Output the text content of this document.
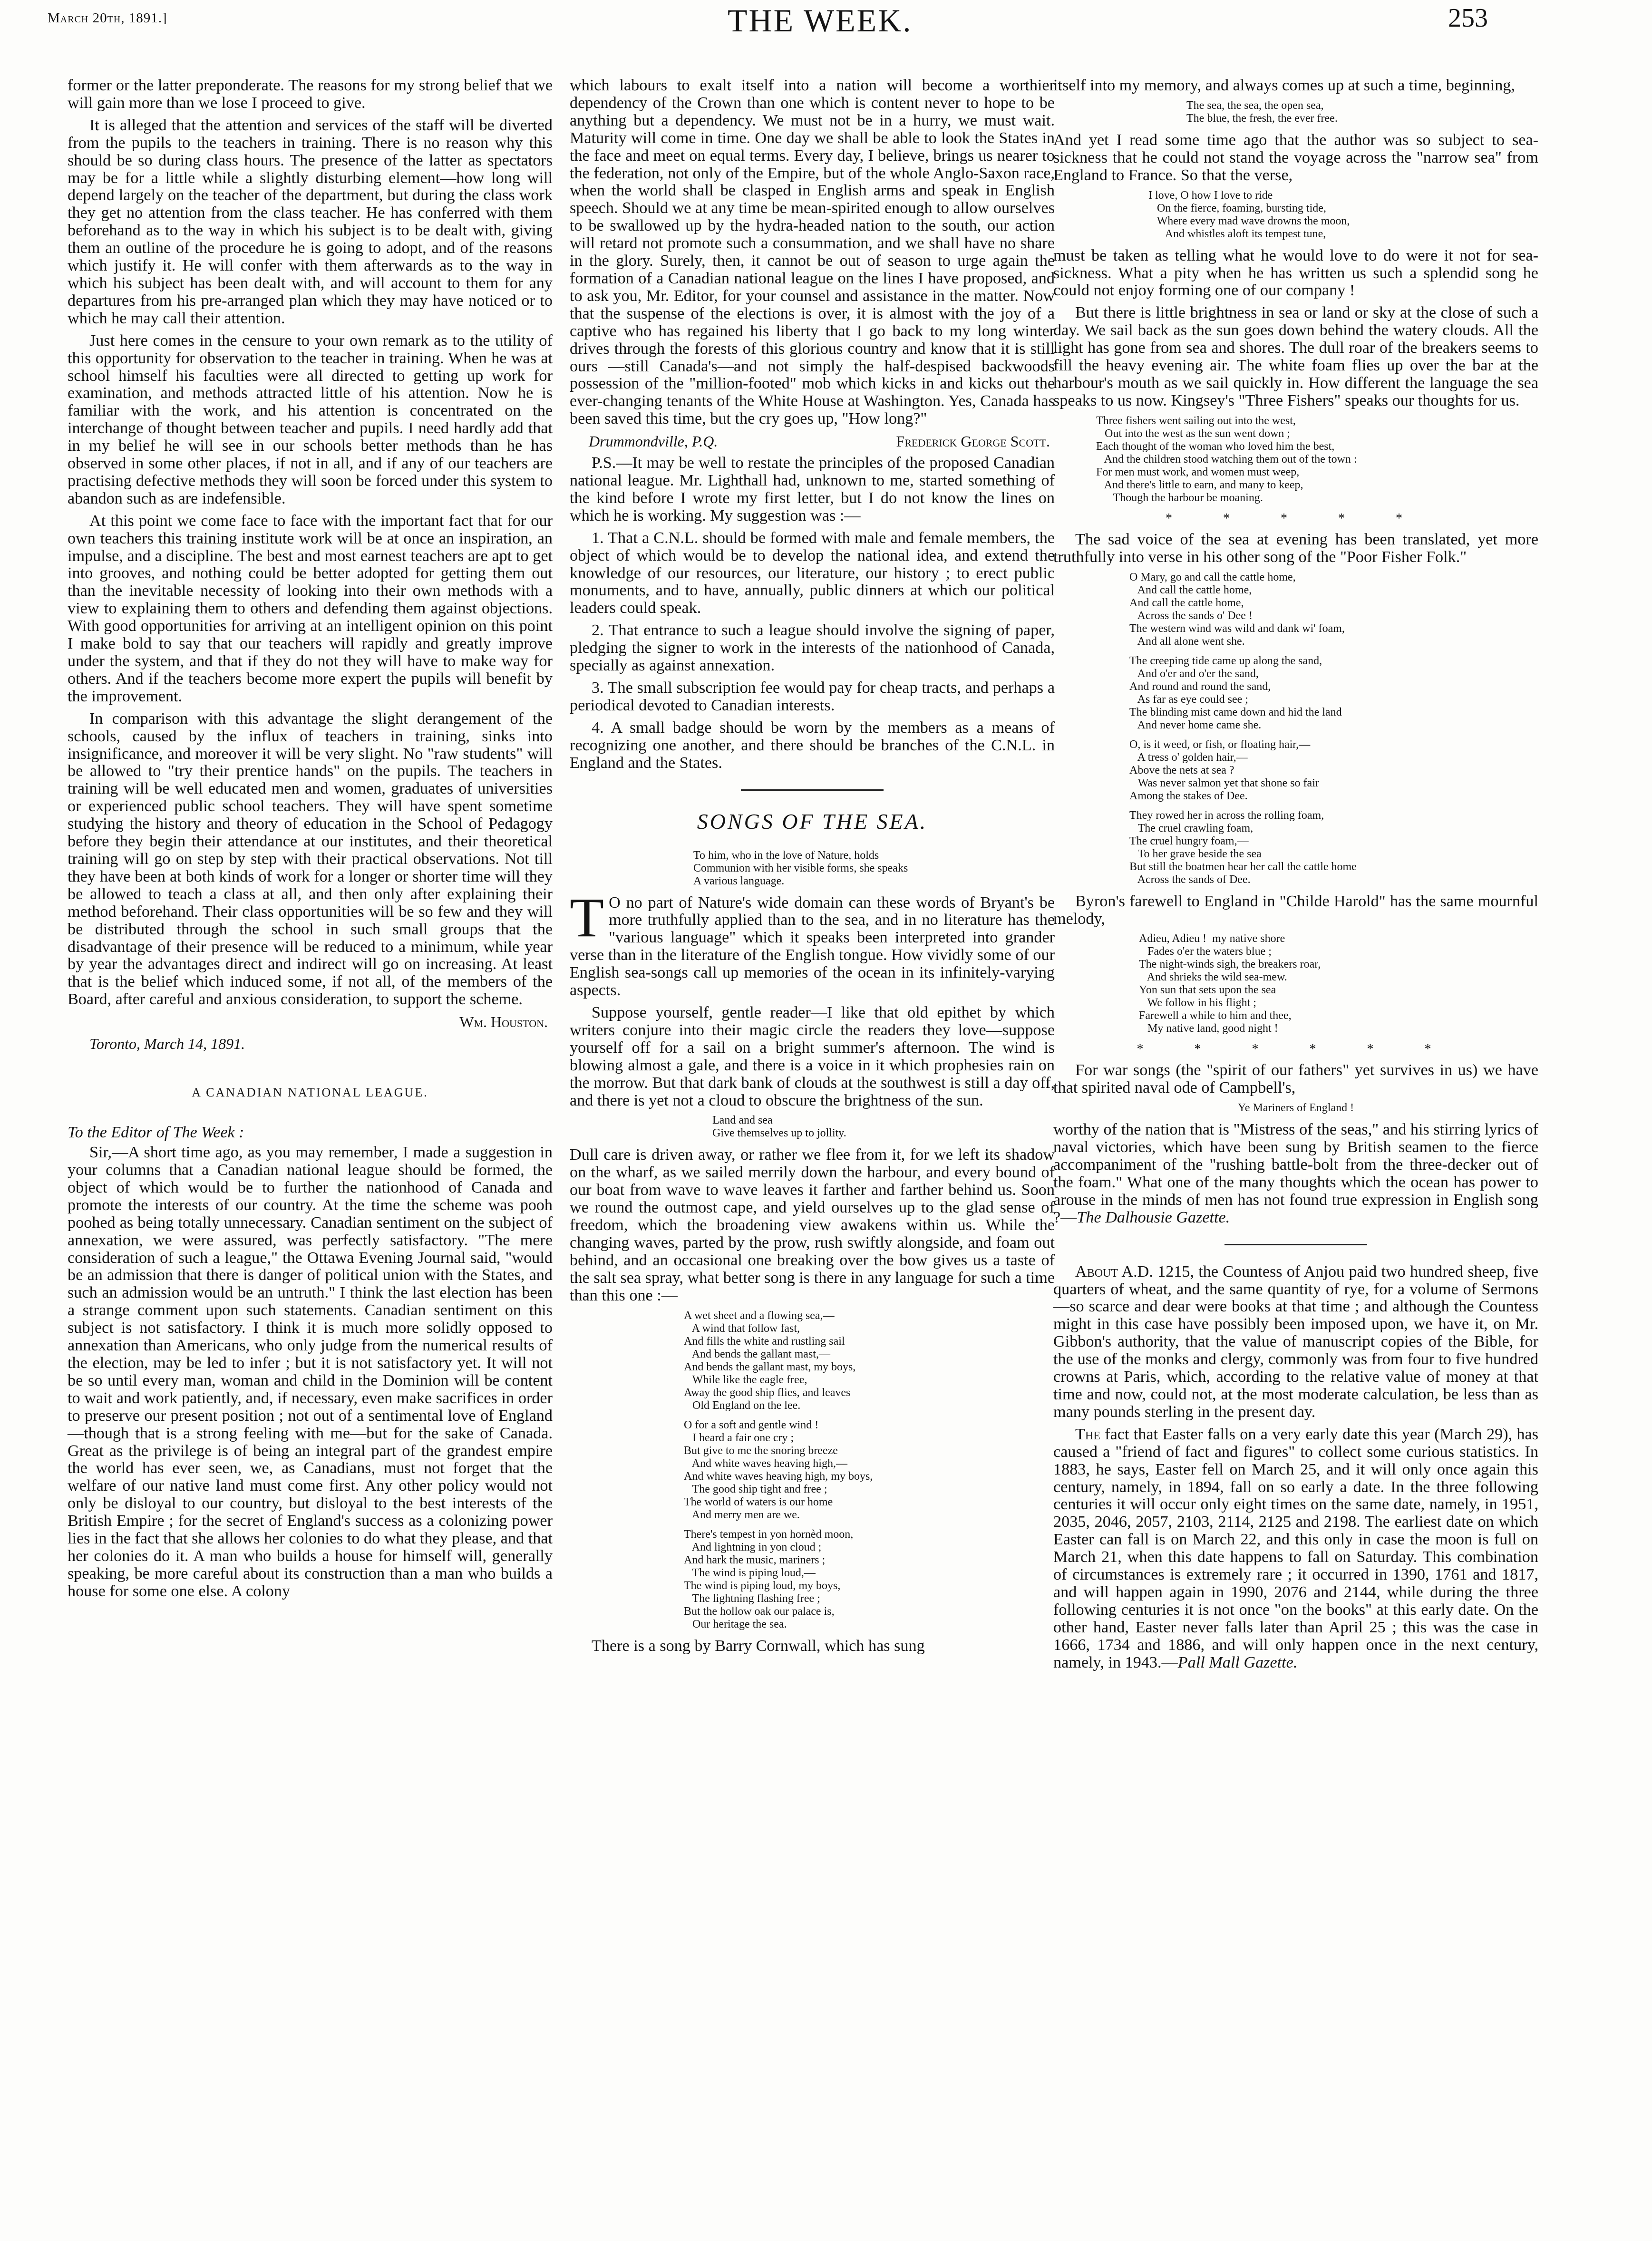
March 20th, 1891.]	THE WEEK.	253

former or the latter preponderate. The reasons for my strong belief that we will gain more than we lose I proceed to give.

It is alleged that the attention and services of the staff will be diverted from the pupils to the teachers in training. There is no reason why this should be so during class hours. The presence of the latter as spectators may be for a little while a slightly disturbing element—how long will depend largely on the teacher of the department, but during the class work they get no attention from the class teacher. He has conferred with them beforehand as to the way in which his subject is to be dealt with, giving them an outline of the procedure he is going to adopt, and of the reasons which justify it. He will confer with them afterwards as to the way in which his subject has been dealt with, and will account to them for any departures from his pre-arranged plan which they may have noticed or to which he may call their attention.

Just here comes in the censure to your own remark as to the utility of this opportunity for observation to the teacher in training. When he was at school himself his faculties were all directed to getting up work for examination, and methods attracted little of his attention. Now he is familiar with the work, and his attention is concentrated on the interchange of thought between teacher and pupils. I need hardly add that in my belief he will see in our schools better methods than he has observed in some other places, if not in all, and if any of our teachers are practising defective methods they will soon be forced under this system to abandon such as are indefensible.

At this point we come face to face with the important fact that for our own teachers this training institute work will be at once an inspiration, an impulse, and a discipline. The best and most earnest teachers are apt to get into grooves, and nothing could be better adopted for getting them out than the inevitable necessity of looking into their own methods with a view to explaining them to others and defending them against objections. With good opportunities for arriving at an intelligent opinion on this point I make bold to say that our teachers will rapidly and greatly improve under the system, and that if they do not they will have to make way for others. And if the teachers become more expert the pupils will benefit by the improvement.

In comparison with this advantage the slight derangement of the schools, caused by the influx of teachers in training, sinks into insignificance, and moreover it will be very slight. No "raw students" will be allowed to "try their prentice hands" on the pupils. The teachers in training will be well educated men and women, graduates of universities or experienced public school teachers. They will have spent sometime studying the history and theory of education in the School of Pedagogy before they begin their attendance at our institutes, and their theoretical training will go on step by step with their practical observations. Not till they have been at both kinds of work for a longer or shorter time will they be allowed to teach a class at all, and then only after explaining their method beforehand. Their class opportunities will be so few and they will be distributed through the school in such small groups that the disadvantage of their presence will be reduced to a minimum, while year by year the advantages direct and indirect will go on increasing. At least that is the belief which induced some, if not all, of the members of the Board, after careful and anxious consideration, to support the scheme.

Wm. Houston.
Toronto, March 14, 1891.
A CANADIAN NATIONAL LEAGUE.
To the Editor of The Week :

Sir,—A short time ago, as you may remember, I made a suggestion in your columns that a Canadian national league should be formed, the object of which would be to further the nationhood of Canada and promote the interests of our country. At the time the scheme was pooh poohed as being totally unnecessary. Canadian sentiment on the subject of annexation, we were assured, was perfectly satisfactory. "The mere consideration of such a league," the Ottawa Evening Journal said, "would be an admission that there is danger of political union with the States, and such an admission would be an untruth." I think the last election has been a strange comment upon such statements. Canadian sentiment on this subject is not satisfactory. I think it is much more solidly opposed to annexation than Americans, who only judge from the numerical results of the election, may be led to infer ; but it is not satisfactory yet. It will not be so until every man, woman and child in the Dominion will be content to wait and work patiently, and, if necessary, even make sacrifices in order to preserve our present position ; not out of a sentimental love of England—though that is a strong feeling with me—but for the sake of Canada. Great as the privilege is of being an integral part of the grandest empire the world has ever seen, we, as Canadians, must not forget that the welfare of our native land must come first. Any other policy would not only be disloyal to our country, but disloyal to the best interests of the British Empire ; for the secret of England's success as a colonizing power lies in the fact that she allows her colonies to do what they please, and that her colonies do it. A man who builds a house for himself will, generally speaking, be more careful about its construction than a man who builds a house for some one else. A colony

which labours to exalt itself into a nation will become a worthier dependency of the Crown than one which is content never to hope to be anything but a dependency. We must not be in a hurry, we must wait. Maturity will come in time. One day we shall be able to look the States in the face and meet on equal terms. Every day, I believe, brings us nearer to the federation, not only of the Empire, but of the whole Anglo-Saxon race, when the world shall be clasped in English arms and speak in English speech. Should we at any time be mean-spirited enough to allow ourselves to be swallowed up by the hydra-headed nation to the south, our action will retard not promote such a consummation, and we shall have no share in the glory. Surely, then, it cannot be out of season to urge again the formation of a Canadian national league on the lines I have proposed, and to ask you, Mr. Editor, for your counsel and assistance in the matter. Now that the suspense of the elections is over, it is almost with the joy of a captive who has regained his liberty that I go back to my long winter drives through the forests of this glorious country and know that it is still ours —still Canada's—and not simply the half-despised backwoods possession of the "million-footed" mob which kicks in and kicks out the ever-changing tenants of the White House at Washington. Yes, Canada has been saved this time, but the cry goes up, "How long?"

Drummondville, P.Q.	Frederick George Scott.

P.S.—It may be well to restate the principles of the proposed Canadian national league. Mr. Lighthall had, unknown to me, started something of the kind before I wrote my first letter, but I do not know the lines on which he is working. My suggestion was :—

1. That a C.N.L. should be formed with male and female members, the object of which would be to develop the national idea, and extend the knowledge of our resources, our literature, our history ; to erect public monuments, and to have, annually, public dinners at which our political leaders could speak.

2. That entrance to such a league should involve the signing of paper, pledging the signer to work in the interests of the nationhood of Canada, specially as against annexation.

3. The small subscription fee would pay for cheap tracts, and perhaps a periodical devoted to Canadian interests.

4. A small badge should be worn by the members as a means of recognizing one another, and there should be branches of the C.N.L. in England and the States.

SONGS OF THE SEA.
To him, who in the love of Nature, holds
Communion with her visible forms, she speaks
A various language.

T O no part of Nature's wide domain can these words of Bryant's be more truthfully applied than to the sea, and in no literature has the "various language" which it speaks been interpreted into grander verse than in the literature of the English tongue. How vividly some of our English sea-songs call up memories of the ocean in its infinitely-varying aspects.

Suppose yourself, gentle reader—I like that old epithet by which writers conjure into their magic circle the readers they love—suppose yourself off for a sail on a bright summer's afternoon. The wind is blowing almost a gale, and there is a voice in it which prophesies rain on the morrow. But that dark bank of clouds at the southwest is still a day off, and there is yet not a cloud to obscure the brightness of the sun.

Land and sea
Give themselves up to jollity.

Dull care is driven away, or rather we flee from it, for we left its shadow on the wharf, as we sailed merrily down the harbour, and every bound of our boat from wave to wave leaves it farther and farther behind us. Soon we round the outmost cape, and yield ourselves up to the glad sense of freedom, which the broadening view awakens within us. While the changing waves, parted by the prow, rush swiftly alongside, and foam out behind, and an occasional one breaking over the bow gives us a taste of the salt sea spray, what better song is there in any language for such a time than this one :—

A wet sheet and a flowing sea,—
A wind that follow fast,
And fills the white and rustling sail
And bends the gallant mast,—
And bends the gallant mast, my boys,
While like the eagle free,
Away the good ship flies, and leaves
Old England on the lee.
O for a soft and gentle wind !
I heard a fair one cry ;
But give to me the snoring breeze
And white waves heaving high,—
And white waves heaving high, my boys,
The good ship tight and free ;
The world of waters is our home
And merry men are we.
There's tempest in yon hornèd moon,
And lightning in yon cloud ;
And hark the music, mariners ;
The wind is piping loud,—
The wind is piping loud, my boys,
The lightning flashing free ;
But the hollow oak our palace is,
Our heritage the sea.

There is a song by Barry Cornwall, which has sung

itself into my memory, and always comes up at such a time, beginning,

The sea, the sea, the open sea,
The blue, the fresh, the ever free.

And yet I read some time ago that the author was so subject to sea-sickness that he could not stand the voyage across the "narrow sea" from England to France. So that the verse,

I love, O how I love to ride
On the fierce, foaming, bursting tide,
Where every mad wave drowns the moon,
And whistles aloft its tempest tune,

must be taken as telling what he would love to do were it not for sea-sickness. What a pity when he has written us such a splendid song he could not enjoy forming one of our company !

But there is little brightness in sea or land or sky at the close of such a day. We sail back as the sun goes down behind the watery clouds. All the light has gone from sea and shores. The dull roar of the breakers seems to fill the heavy evening air. The white foam flies up over the bar at the harbour's mouth as we sail quickly in. How different the language the sea speaks to us now. Kingsey's "Three Fishers" speaks our thoughts for us.

Three fishers went sailing out into the west,
Out into the west as the sun went down ;
Each thought of the woman who loved him the best,
And the children stood watching them out of the town :
For men must work, and women must weep,
And there's little to earn, and many to keep,
Though the harbour be moaning.
* * * * *

The sad voice of the sea at evening has been translated, yet more truthfully into verse in his other song of the "Poor Fisher Folk."

O Mary, go and call the cattle home,
And call the cattle home,
And call the cattle home,
Across the sands o' Dee !
The western wind was wild and dank wi' foam,
And all alone went she.
The creeping tide came up along the sand,
And o'er and o'er the sand,
And round and round the sand,
As far as eye could see ;
The blinding mist came down and hid the land
And never home came she.
O, is it weed, or fish, or floating hair,—
A tress o' golden hair,—
Above the nets at sea ?
Was never salmon yet that shone so fair
Among the stakes of Dee.
They rowed her in across the rolling foam,
The cruel crawling foam,
The cruel hungry foam,—
To her grave beside the sea
But still the boatmen hear her call the cattle home
Across the sands of Dee.

Byron's farewell to England in "Childe Harold" has the same mournful melody,

Adieu, Adieu !  my native shore
Fades o'er the waters blue ;
The night-winds sigh, the breakers roar,
And shrieks the wild sea-mew.
Yon sun that sets upon the sea
We follow in his flight ;
Farewell a while to him and thee,
My native land, good night !
* * * * * *

For war songs (the "spirit of our fathers" yet survives in us) we have that spirited naval ode of Campbell's,

Ye Mariners of England !

worthy of the nation that is "Mistress of the seas," and his stirring lyrics of naval victories, which have been sung by British seamen to the fierce accompaniment of the "rushing battle-bolt from the three-decker out of the foam." What one of the many thoughts which the ocean has power to arouse in the minds of men has not found true expression in English song ?—The Dalhousie Gazette.

About A.D. 1215, the Countess of Anjou paid two hundred sheep, five quarters of wheat, and the same quantity of rye, for a volume of Sermons—so scarce and dear were books at that time ; and although the Countess might in this case have possibly been imposed upon, we have it, on Mr. Gibbon's authority, that the value of manuscript copies of the Bible, for the use of the monks and clergy, commonly was from four to five hundred crowns at Paris, which, according to the relative value of money at that time and now, could not, at the most moderate calculation, be less than as many pounds sterling in the present day.

The fact that Easter falls on a very early date this year (March 29), has caused a "friend of fact and figures" to collect some curious statistics. In 1883, he says, Easter fell on March 25, and it will only once again this century, namely, in 1894, fall on so early a date. In the three following centuries it will occur only eight times on the same date, namely, in 1951, 2035, 2046, 2057, 2103, 2114, 2125 and 2198. The earliest date on which Easter can fall is on March 22, and this only in case the moon is full on March 21, when this date happens to fall on Saturday. This combination of circumstances is extremely rare ; it occurred in 1390, 1761 and 1817, and will happen again in 1990, 2076 and 2144, while during the three following centuries it is not once "on the books" at this early date. On the other hand, Easter never falls later than April 25 ; this was the case in 1666, 1734 and 1886, and will only happen once in the next century, namely, in 1943.—Pall Mall Gazette.
